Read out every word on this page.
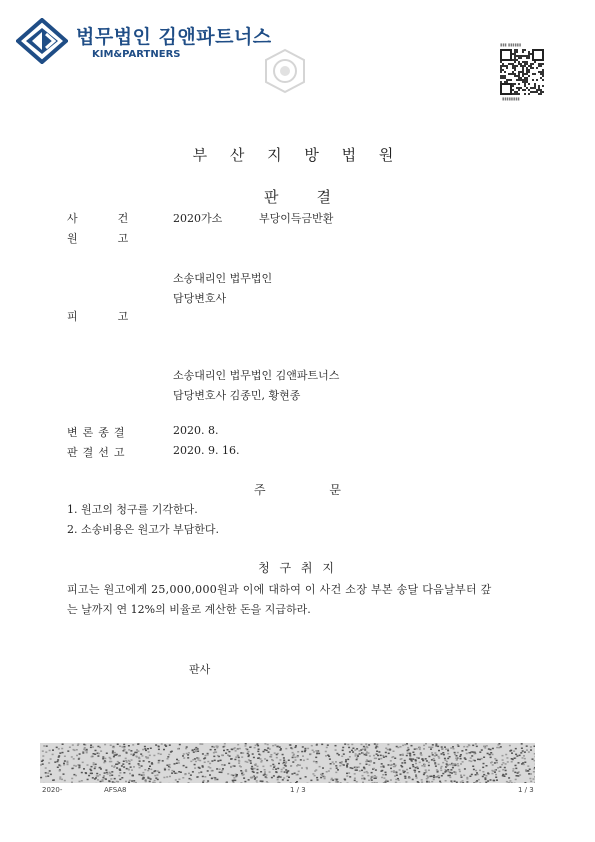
법무법인 김앤파트너스
KIM&PARTNERS
▮▮▮ ▮▮▮▮▮▮
▮▮▮▮▮▮▮▮
부 산 지 방 법 원
판결
사건 2020가소	부당이득금반환
원고
소송대리인 법무법인
담당변호사
피고
소송대리인 법무법인 김앤파트너스
담당변호사 김종민, 황현종
변론종결	2020. 8.
판결선고	2020. 9. 16.
주 문
1. 원고의 청구를 기각한다.
2. 소송비용은 원고가 부담한다.
청 구 취 지
피고는 원고에게 25,000,000원과 이에 대하여 이 사건 소장 부본 송달 다음날부터 갚
는 날까지 연 12%의 비율로 계산한 돈을 지급하라.
판사
2020-	AFSA8	1 / 3	1 / 3
